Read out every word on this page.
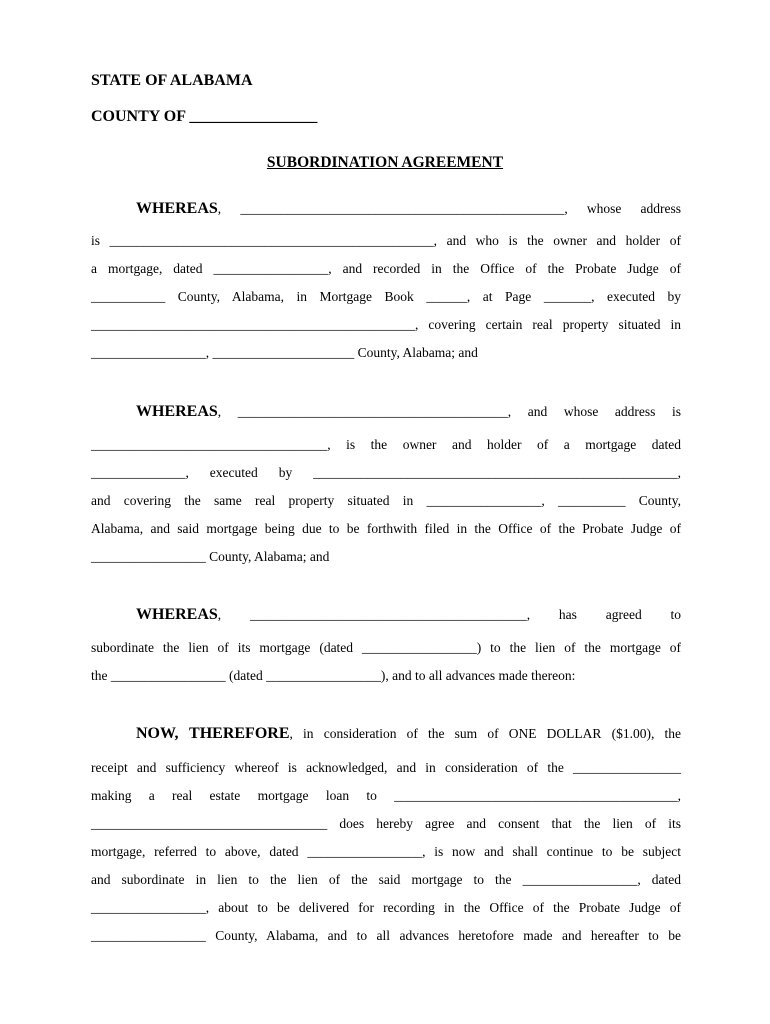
STATE OF ALABAMA
COUNTY OF ________________
SUBORDINATION AGREEMENT
WHEREAS, ________________________________________________, whose address
is ________________________________________________, and who is the owner and holder of
a mortgage, dated _________________, and recorded in the Office of the Probate Judge of
___________ County, Alabama, in Mortgage Book ______, at Page _______, executed by
________________________________________________, covering certain real property situated in
_________________, _____________________ County, Alabama; and
WHEREAS, ________________________________________, and whose address is
___________________________________, is the owner and holder of a mortgage dated
______________, executed by ______________________________________________________,
and covering the same real property situated in _________________, __________ County,
Alabama, and said mortgage being due to be forthwith filed in the Office of the Probate Judge of
_________________ County, Alabama; and
WHEREAS, _________________________________________, has agreed to
subordinate the lien of its mortgage (dated _________________) to the lien of the mortgage of
the _________________ (dated _________________), and to all advances made thereon:
NOW, THEREFORE, in consideration of the sum of ONE DOLLAR ($1.00), the
receipt and sufficiency whereof is acknowledged, and in consideration of the ________________
making a real estate mortgage loan to __________________________________________,
___________________________________ does hereby agree and consent that the lien of its
mortgage, referred to above, dated _________________, is now and shall continue to be subject
and subordinate in lien to the lien of the said mortgage to the _________________, dated
_________________, about to be delivered for recording in the Office of the Probate Judge of
_________________ County, Alabama, and to all advances heretofore made and hereafter to be
